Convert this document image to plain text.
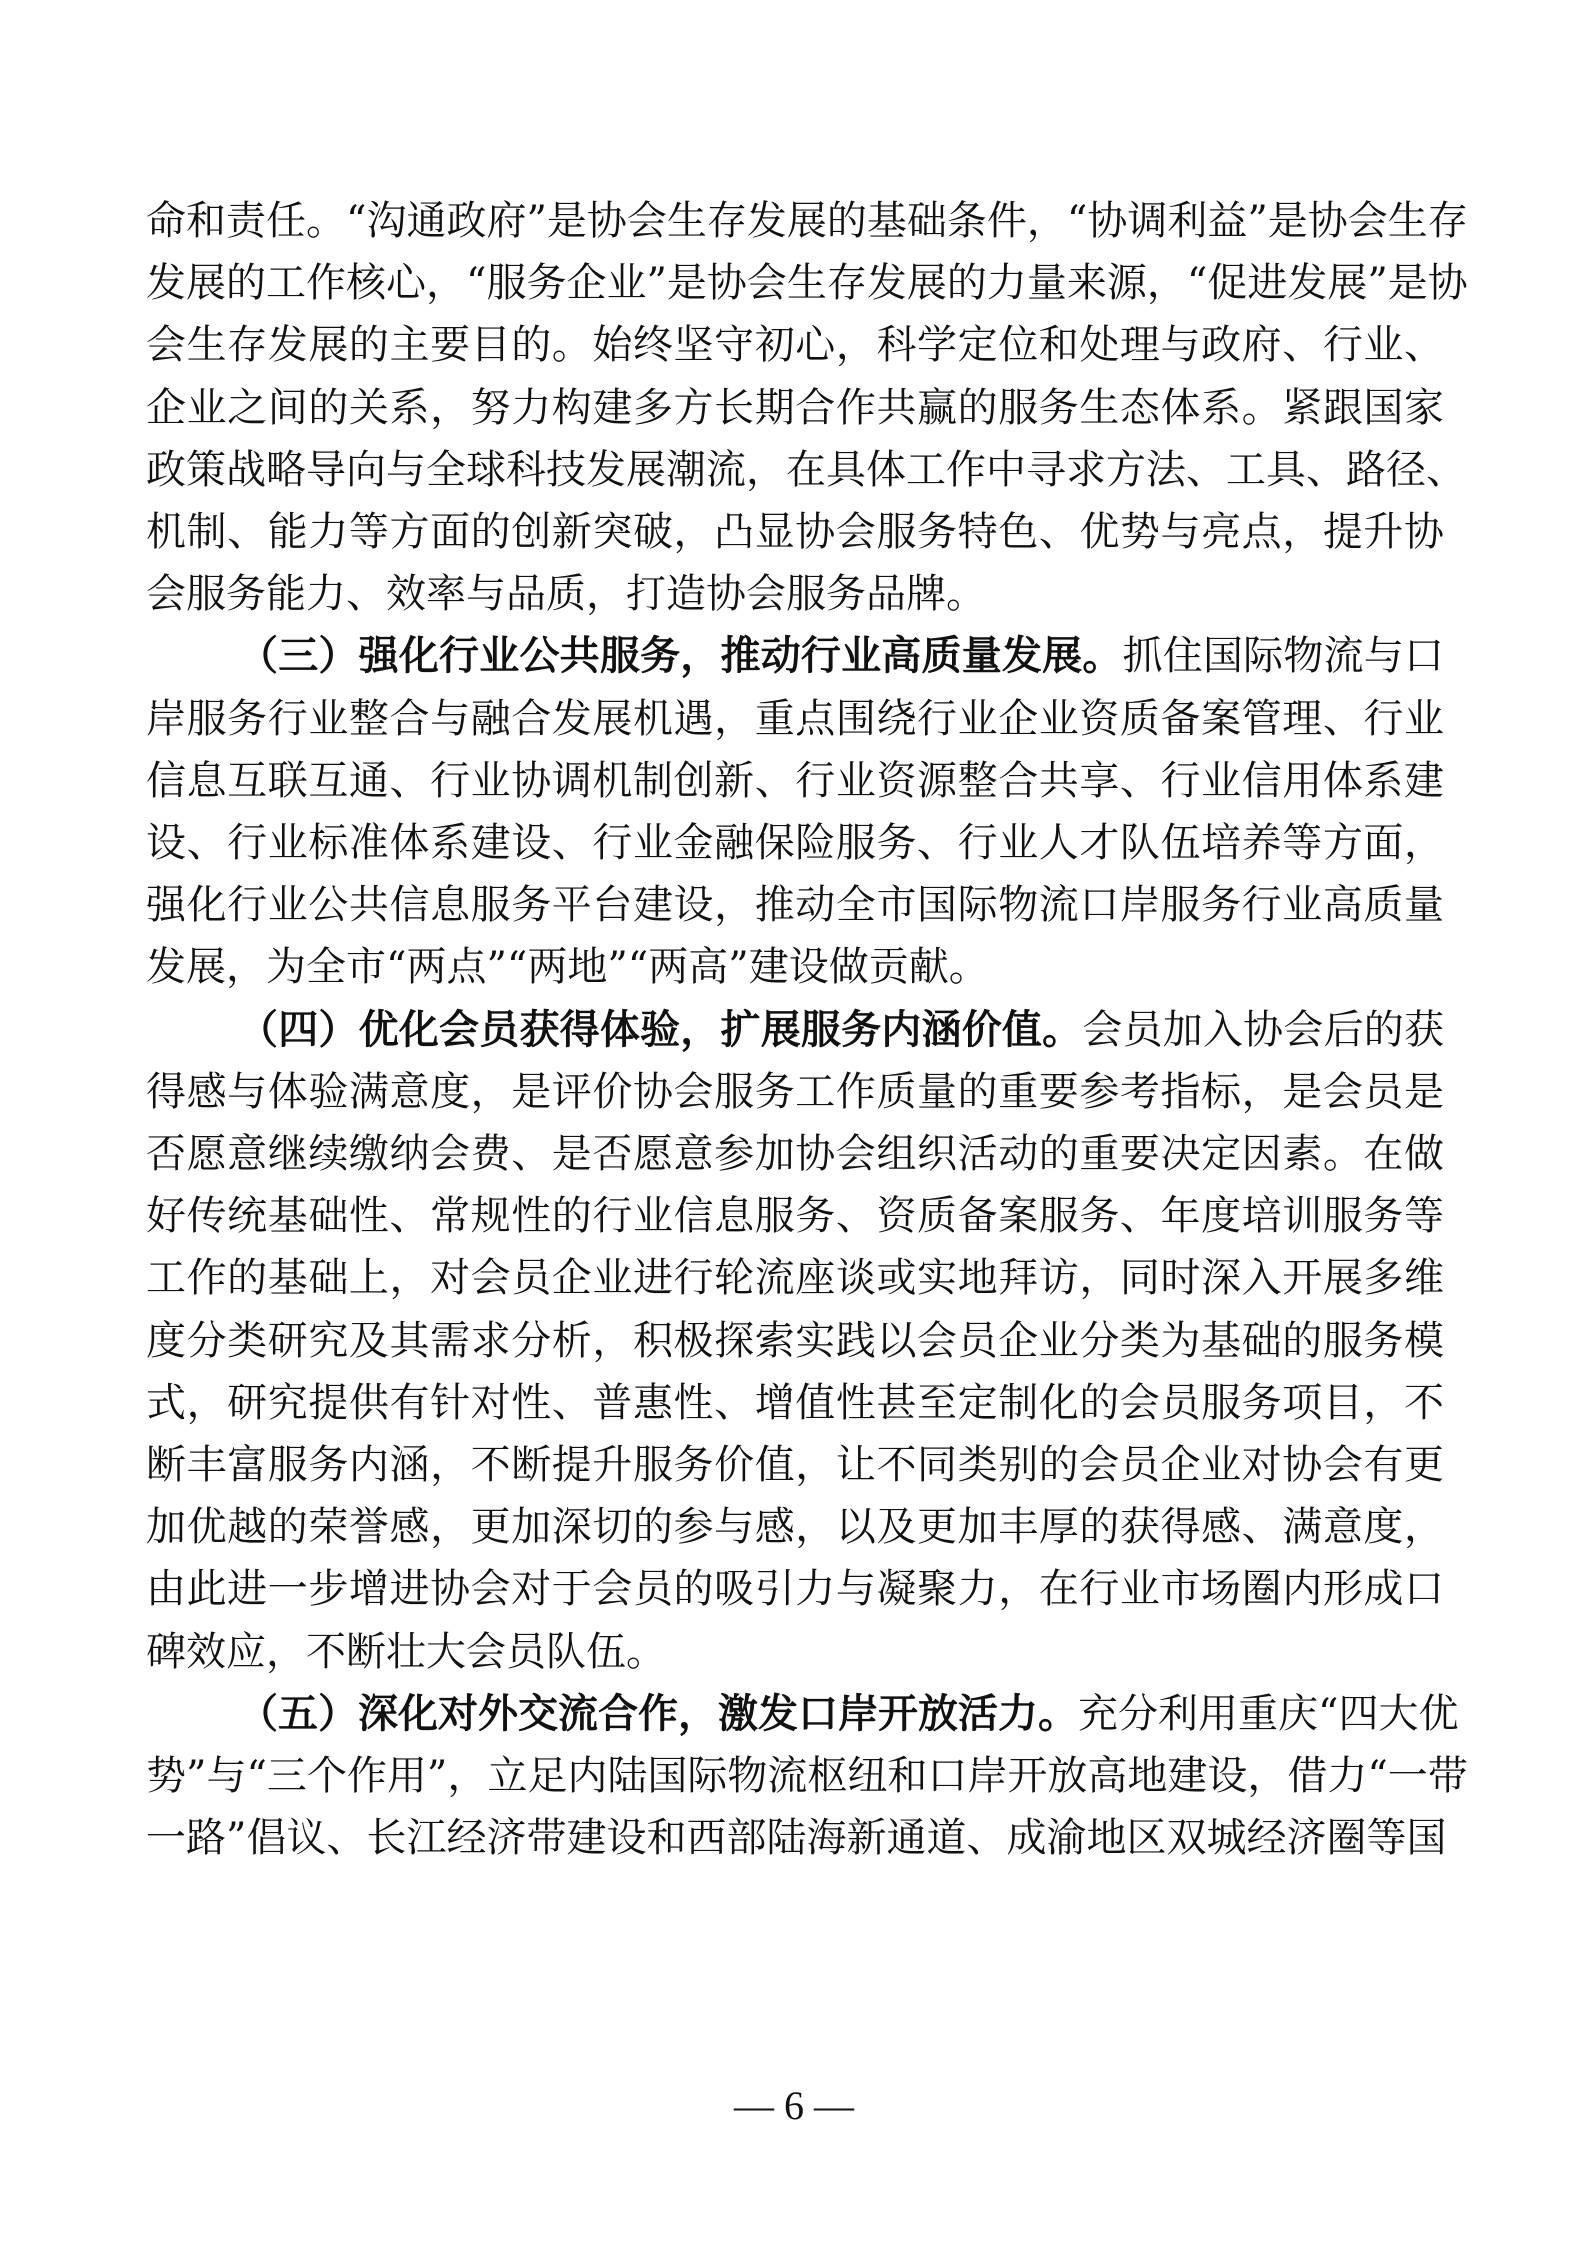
命和责任。“沟通政府”是协会生存发展的基础条件，“协调利益”是协会生存
发展的工作核心，“服务企业”是协会生存发展的力量来源，“促进发展”是协
会生存发展的主要目的。始终坚守初心，科学定位和处理与政府、行业、
企业之间的关系，努力构建多方长期合作共赢的服务生态体系。紧跟国家
政策战略导向与全球科技发展潮流，在具体工作中寻求方法、工具、路径、
机制、能力等方面的创新突破，凸显协会服务特色、优势与亮点，提升协
会服务能力、效率与品质，打造协会服务品牌。

（三）强化行业公共服务，推动行业高质量发展。抓住国际物流与口
岸服务行业整合与融合发展机遇，重点围绕行业企业资质备案管理、行业
信息互联互通、行业协调机制创新、行业资源整合共享、行业信用体系建
设、行业标准体系建设、行业金融保险服务、行业人才队伍培养等方面，
强化行业公共信息服务平台建设，推动全市国际物流口岸服务行业高质量
发展，为全市“两点”“两地”“两高”建设做贡献。

（四）优化会员获得体验，扩展服务内涵价值。会员加入协会后的获
得感与体验满意度，是评价协会服务工作质量的重要参考指标，是会员是
否愿意继续缴纳会费、是否愿意参加协会组织活动的重要决定因素。在做
好传统基础性、常规性的行业信息服务、资质备案服务、年度培训服务等
工作的基础上，对会员企业进行轮流座谈或实地拜访，同时深入开展多维
度分类研究及其需求分析，积极探索实践以会员企业分类为基础的服务模
式，研究提供有针对性、普惠性、增值性甚至定制化的会员服务项目，不
断丰富服务内涵，不断提升服务价值，让不同类别的会员企业对协会有更
加优越的荣誉感，更加深切的参与感，以及更加丰厚的获得感、满意度，
由此进一步增进协会对于会员的吸引力与凝聚力，在行业市场圈内形成口
碑效应，不断壮大会员队伍。

（五）深化对外交流合作，激发口岸开放活力。充分利用重庆“四大优
势”与“三个作用”，立足内陆国际物流枢纽和口岸开放高地建设，借力“一带
一路”倡议、长江经济带建设和西部陆海新通道、成渝地区双城经济圈等国

— 6 —
